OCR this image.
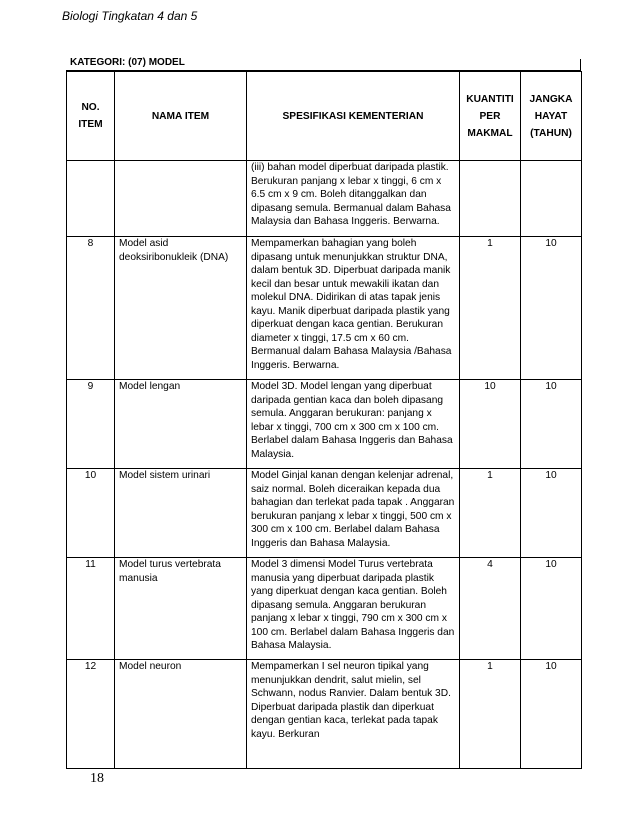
Biologi Tingkatan 4 dan 5
KATEGORI: (07) MODEL
NO. ITEM	NAMA ITEM	SPESIFIKASI KEMENTERIAN	KUANTITI PER MAKMAL	JANGKA HAYAT (TAHUN)
		(iii) bahan model diperbuat daripada plastik. Berukuran panjang x lebar x tinggi, 6 cm x 6.5 cm x 9 cm. Boleh ditanggalkan dan dipasang semula. Bermanual dalam Bahasa Malaysia dan Bahasa Inggeris. Berwarna.		
8	Model asid deoksiribonukleik (DNA)	Mempamerkan bahagian yang boleh dipasang untuk menunjukkan struktur DNA, dalam bentuk 3D. Diperbuat daripada manik kecil dan besar untuk mewakili ikatan dan molekul DNA. Didirikan di atas tapak jenis kayu. Manik diperbuat daripada plastik yang diperkuat dengan kaca gentian. Berukuran diameter x tinggi, 17.5 cm x 60 cm. Bermanual dalam Bahasa Malaysia /Bahasa Inggeris. Berwarna.	1	10
9	Model lengan	Model 3D. Model lengan yang diperbuat daripada gentian kaca dan boleh dipasang semula. Anggaran berukuran: panjang x lebar x tinggi, 700 cm x 300 cm x 100 cm. Berlabel dalam Bahasa Inggeris dan Bahasa Malaysia.	10	10
10	Model sistem urinari	Model Ginjal kanan dengan kelenjar adrenal, saiz normal. Boleh diceraikan kepada dua bahagian dan terlekat pada tapak . Anggaran berukuran panjang x lebar x tinggi, 500 cm x 300 cm x 100 cm. Berlabel dalam Bahasa Inggeris dan Bahasa Malaysia.	1	10
11	Model turus vertebrata manusia	Model 3 dimensi Model Turus vertebrata manusia yang diperbuat daripada plastik yang diperkuat dengan kaca gentian. Boleh dipasang semula. Anggaran berukuran panjang x lebar x tinggi, 790 cm x 300 cm x 100 cm. Berlabel dalam Bahasa Inggeris dan Bahasa Malaysia.	4	10
12	Model neuron	Mempamerkan I sel neuron tipikal yang menunjukkan dendrit, salut mielin, sel Schwann, nodus Ranvier. Dalam bentuk 3D. Diperbuat daripada plastik dan diperkuat dengan gentian kaca, terlekat pada tapak kayu. Berkuran	1	10
18
